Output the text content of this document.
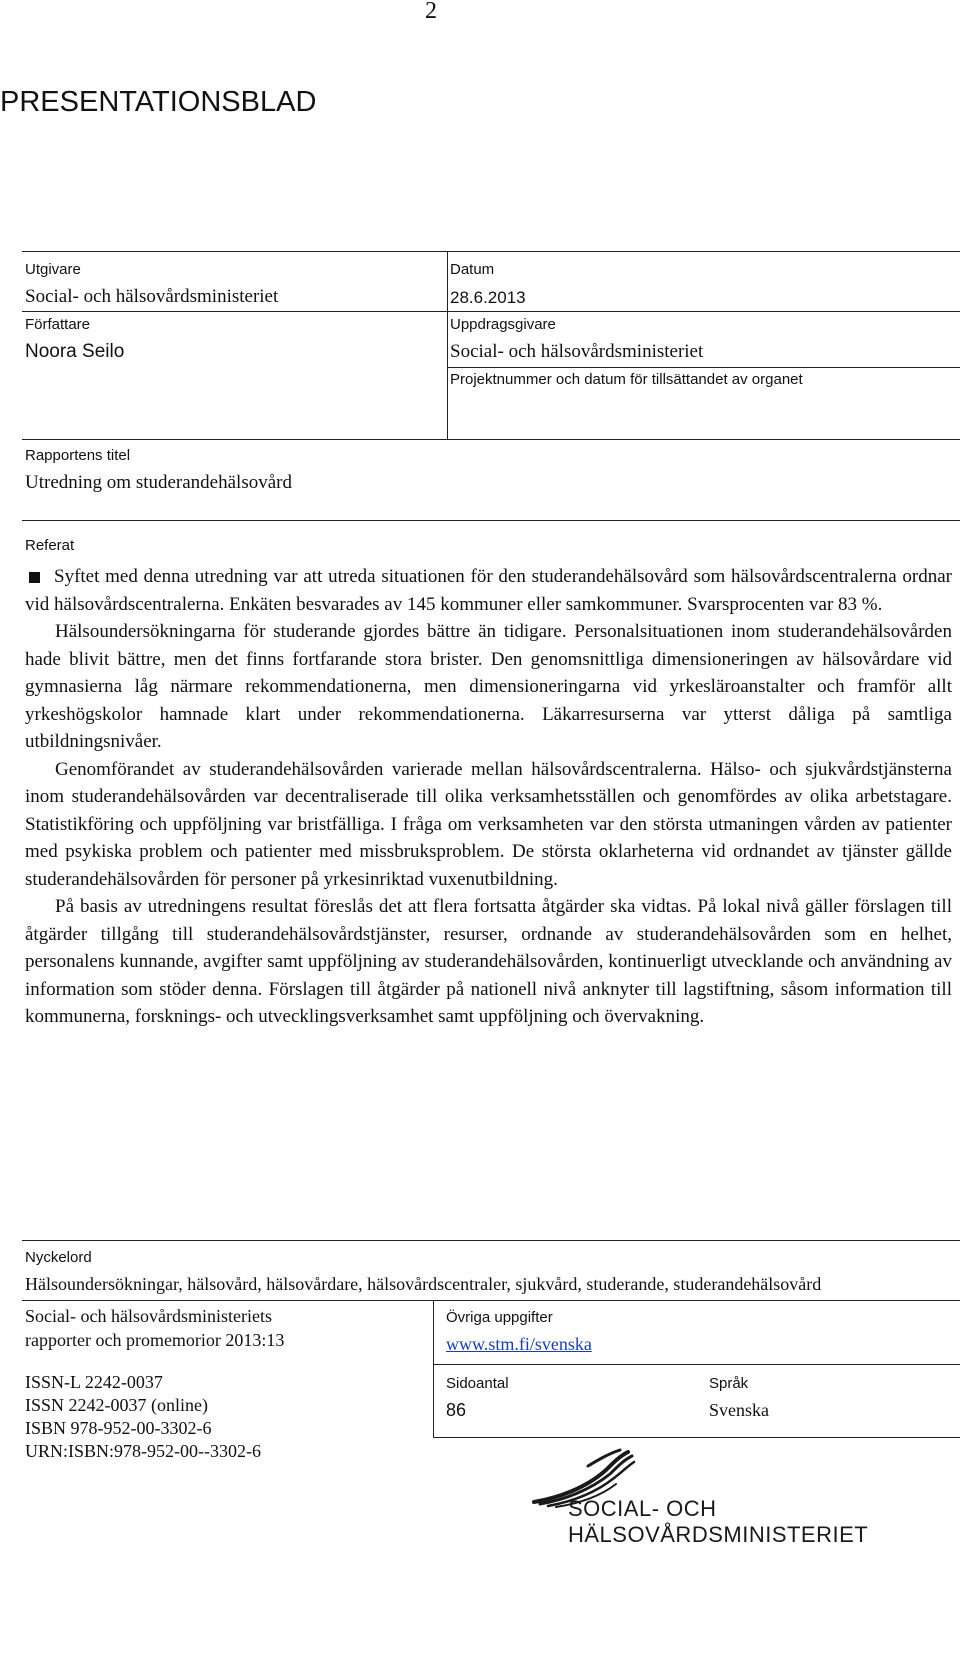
2
PRESENTATIONSBLAD
Utgivare
Social- och hälsovårdsministeriet
Datum
28.6.2013
Författare
Noora Seilo
Uppdragsgivare
Social- och hälsovårdsministeriet
Projektnummer och datum för tillsättandet av organet
Rapportens titel
Utredning om studerandehälsovård
Referat

Syftet med denna utredning var att utreda situationen för den studerandehälsovård som hälsovårdscentralerna ordnar vid hälsovårdscentralerna. Enkäten besvarades av 145 kommuner eller samkommuner. Svarsprocenten var 83 %.

Hälsoundersökningarna för studerande gjordes bättre än tidigare. Personalsituationen inom studerandehälsovården hade blivit bättre, men det finns fortfarande stora brister. Den genomsnittliga dimensioneringen av hälsovårdare vid gymnasierna låg närmare rekommendationerna, men dimensioneringarna vid yrkesläroanstalter och framför allt yrkeshögskolor hamnade klart under rekommendationerna. Läkarresurserna var ytterst dåliga på samtliga utbildningsnivåer.

Genomförandet av studerandehälsovården varierade mellan hälsovårdscentralerna. Hälso- och sjukvårdstjänsterna inom studerandehälsovården var decentraliserade till olika verksamhetsställen och genomfördes av olika arbetstagare. Statistikföring och uppföljning var bristfälliga. I fråga om verksamheten var den största utmaningen vården av patienter med psykiska problem och patienter med missbruksproblem. De största oklarheterna vid ordnandet av tjänster gällde studerandehälsovården för personer på yrkesinriktad vuxenutbildning.

På basis av utredningens resultat föreslås det att flera fortsatta åtgärder ska vidtas. På lokal nivå gäller förslagen till åtgärder tillgång till studerandehälsovårdstjänster, resurser, ordnande av studerandehälsovården som en helhet, personalens kunnande, avgifter samt uppföljning av studerandehälsovården, kontinuerligt utvecklande och användning av information som stöder denna. Förslagen till åtgärder på nationell nivå anknyter till lagstiftning, såsom information till kommunerna, forsknings- och utvecklingsverksamhet samt uppföljning och övervakning.

Nyckelord
Hälsoundersökningar, hälsovård, hälsovårdare, hälsovårdscentraler, sjukvård, studerande, studerandehälsovård
Social- och hälsovårdsministeriets
rapporter och promemorior 2013:13
ISSN-L 2242-0037
ISSN 2242-0037 (online)
ISBN 978-952-00-3302-6
URN:ISBN:978-952-00--3302-6
Övriga uppgifter
www.stm.fi/svenska
Sidoantal
86
Språk
Svenska
SOCIAL- OCH
HÄLSOVÅRDSMINISTERIET
